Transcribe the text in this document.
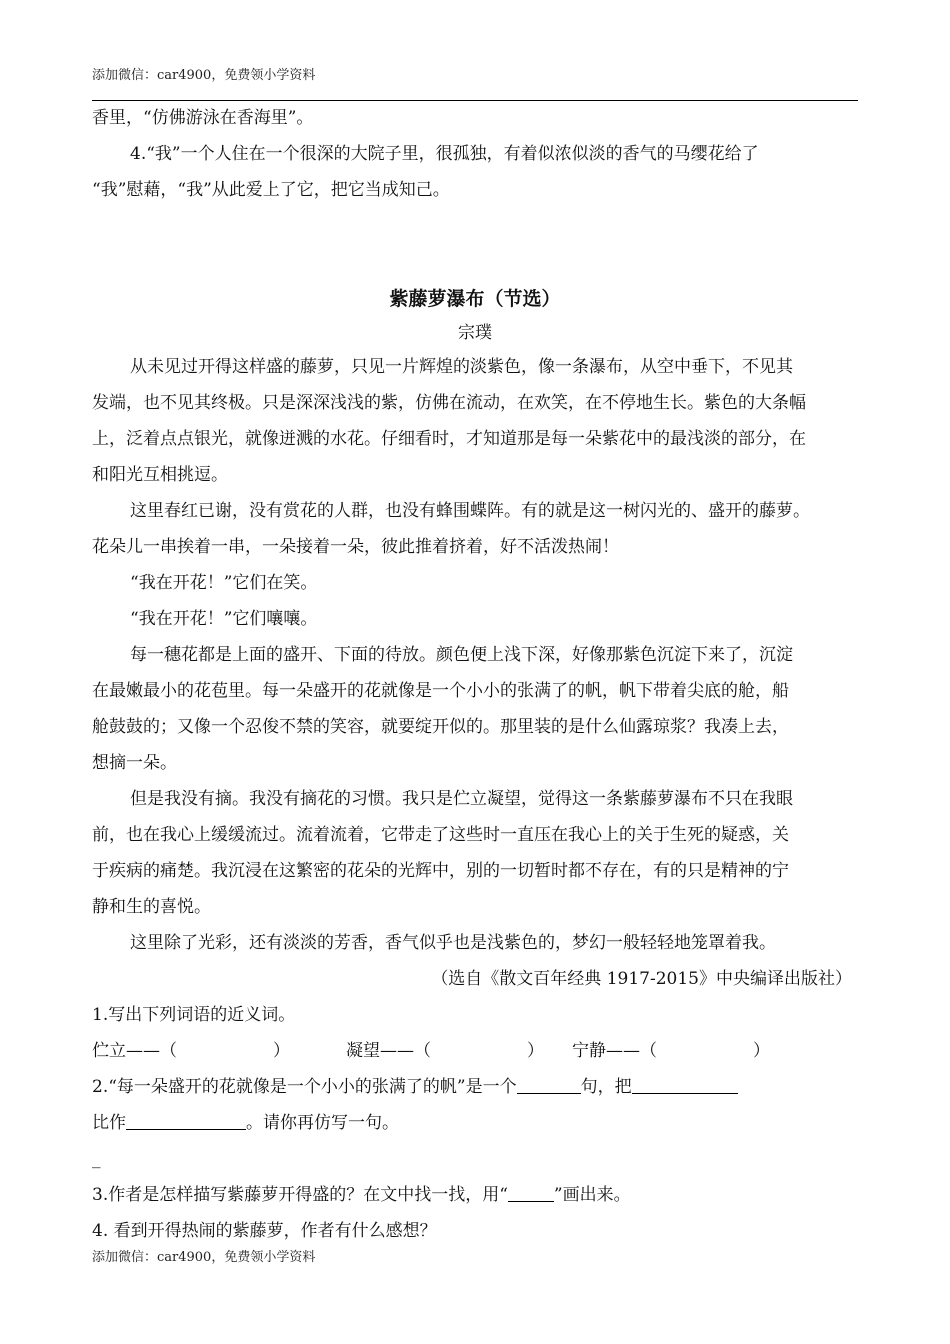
添加微信：car4900，免费领小学资料
香里，“仿佛游泳在香海里”。
4.“我”一个人住在一个很深的大院子里，很孤独，有着似浓似淡的香气的马缨花给了
“我”慰藉，“我”从此爱上了它，把它当成知己。
紫藤萝瀑布（节选）
宗璞
从未见过开得这样盛的藤萝，只见一片辉煌的淡紫色，像一条瀑布，从空中垂下，不见其
发端，也不见其终极。只是深深浅浅的紫，仿佛在流动，在欢笑，在不停地生长。紫色的大条幅
上，泛着点点银光，就像迸溅的水花。仔细看时，才知道那是每一朵紫花中的最浅淡的部分，在
和阳光互相挑逗。
这里春红已谢，没有赏花的人群，也没有蜂围蝶阵。有的就是这一树闪光的、盛开的藤萝。
花朵儿一串挨着一串，一朵接着一朵，彼此推着挤着，好不活泼热闹！
“我在开花！”它们在笑。
“我在开花！”它们嚷嚷。
每一穗花都是上面的盛开、下面的待放。颜色便上浅下深，好像那紫色沉淀下来了，沉淀
在最嫩最小的花苞里。每一朵盛开的花就像是一个小小的张满了的帆，帆下带着尖底的舱，船
舱鼓鼓的；又像一个忍俊不禁的笑容，就要绽开似的。那里装的是什么仙露琼浆？我凑上去，
想摘一朵。
但是我没有摘。我没有摘花的习惯。我只是伫立凝望，觉得这一条紫藤萝瀑布不只在我眼
前，也在我心上缓缓流过。流着流着，它带走了这些时一直压在我心上的关于生死的疑惑，关
于疾病的痛楚。我沉浸在这繁密的花朵的光辉中，别的一切暂时都不存在，有的只是精神的宁
静和生的喜悦。
这里除了光彩，还有淡淡的芳香，香气似乎也是浅紫色的，梦幻一般轻轻地笼罩着我。
（选自《散文百年经典 1917-2015》中央编译出版社）
1.写出下列词语的近义词。
伫立——（	）	凝望——（	） 宁静——（	）
2.“每一朵盛开的花就像是一个小小的张满了的帆”是一个	句，把
比作	。请你再仿写一句。
_
3.作者是怎样描写紫藤萝开得盛的？在文中找一找，用“	”画出来。
4. 看到开得热闹的紫藤萝，作者有什么感想？
添加微信：car4900，免费领小学资料
